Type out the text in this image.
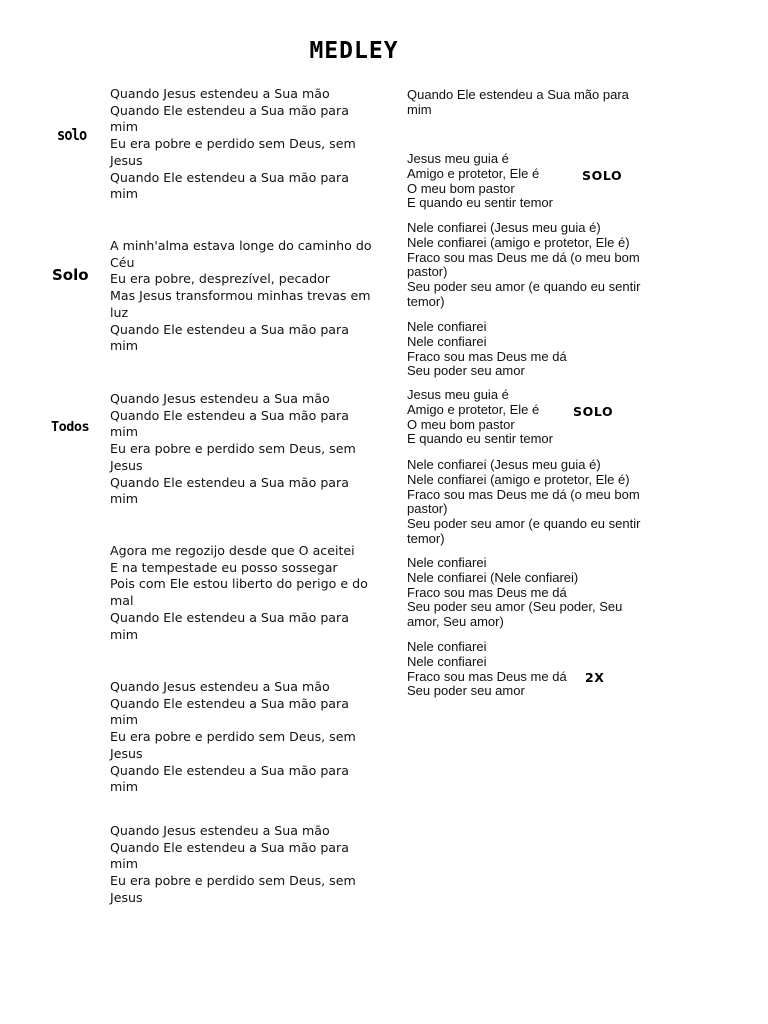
MEDLEY
solo
Solo
Todos

Quando Jesus estendeu a Sua mão
Quando Ele estendeu a Sua mão para
mim
Eu era pobre e perdido sem Deus, sem
Jesus
Quando Ele estendeu a Sua mão para
mim

A minh'alma estava longe do caminho do
Céu
Eu era pobre, desprezível, pecador
Mas Jesus transformou minhas trevas em
luz
Quando Ele estendeu a Sua mão para
mim

Quando Jesus estendeu a Sua mão
Quando Ele estendeu a Sua mão para
mim
Eu era pobre e perdido sem Deus, sem
Jesus
Quando Ele estendeu a Sua mão para
mim

Agora me regozijo desde que O aceitei
E na tempestade eu posso sossegar
Pois com Ele estou liberto do perigo e do
mal
Quando Ele estendeu a Sua mão para
mim

Quando Jesus estendeu a Sua mão
Quando Ele estendeu a Sua mão para
mim
Eu era pobre e perdido sem Deus, sem
Jesus
Quando Ele estendeu a Sua mão para
mim

Quando Jesus estendeu a Sua mão
Quando Ele estendeu a Sua mão para
mim
Eu era pobre e perdido sem Deus, sem
Jesus

Quando Ele estendeu a Sua mão para
mim

Jesus meu guia é
Amigo e protetor, Ele é
O meu bom pastor
E quando eu sentir temor

Nele confiarei (Jesus meu guia é)
Nele confiarei (amigo e protetor, Ele é)
Fraco sou mas Deus me dá (o meu bom
pastor)
Seu poder seu amor (e quando eu sentir
temor)

Nele confiarei
Nele confiarei
Fraco sou mas Deus me dá
Seu poder seu amor

Jesus meu guia é
Amigo e protetor, Ele é
O meu bom pastor
E quando eu sentir temor

Nele confiarei (Jesus meu guia é)
Nele confiarei (amigo e protetor, Ele é)
Fraco sou mas Deus me dá (o meu bom
pastor)
Seu poder seu amor (e quando eu sentir
temor)

Nele confiarei
Nele confiarei (Nele confiarei)
Fraco sou mas Deus me dá
Seu poder seu amor (Seu poder, Seu
amor, Seu amor)

Nele confiarei
Nele confiarei
Fraco sou mas Deus me dá
Seu poder seu amor

SOLO
SOLO
2X
